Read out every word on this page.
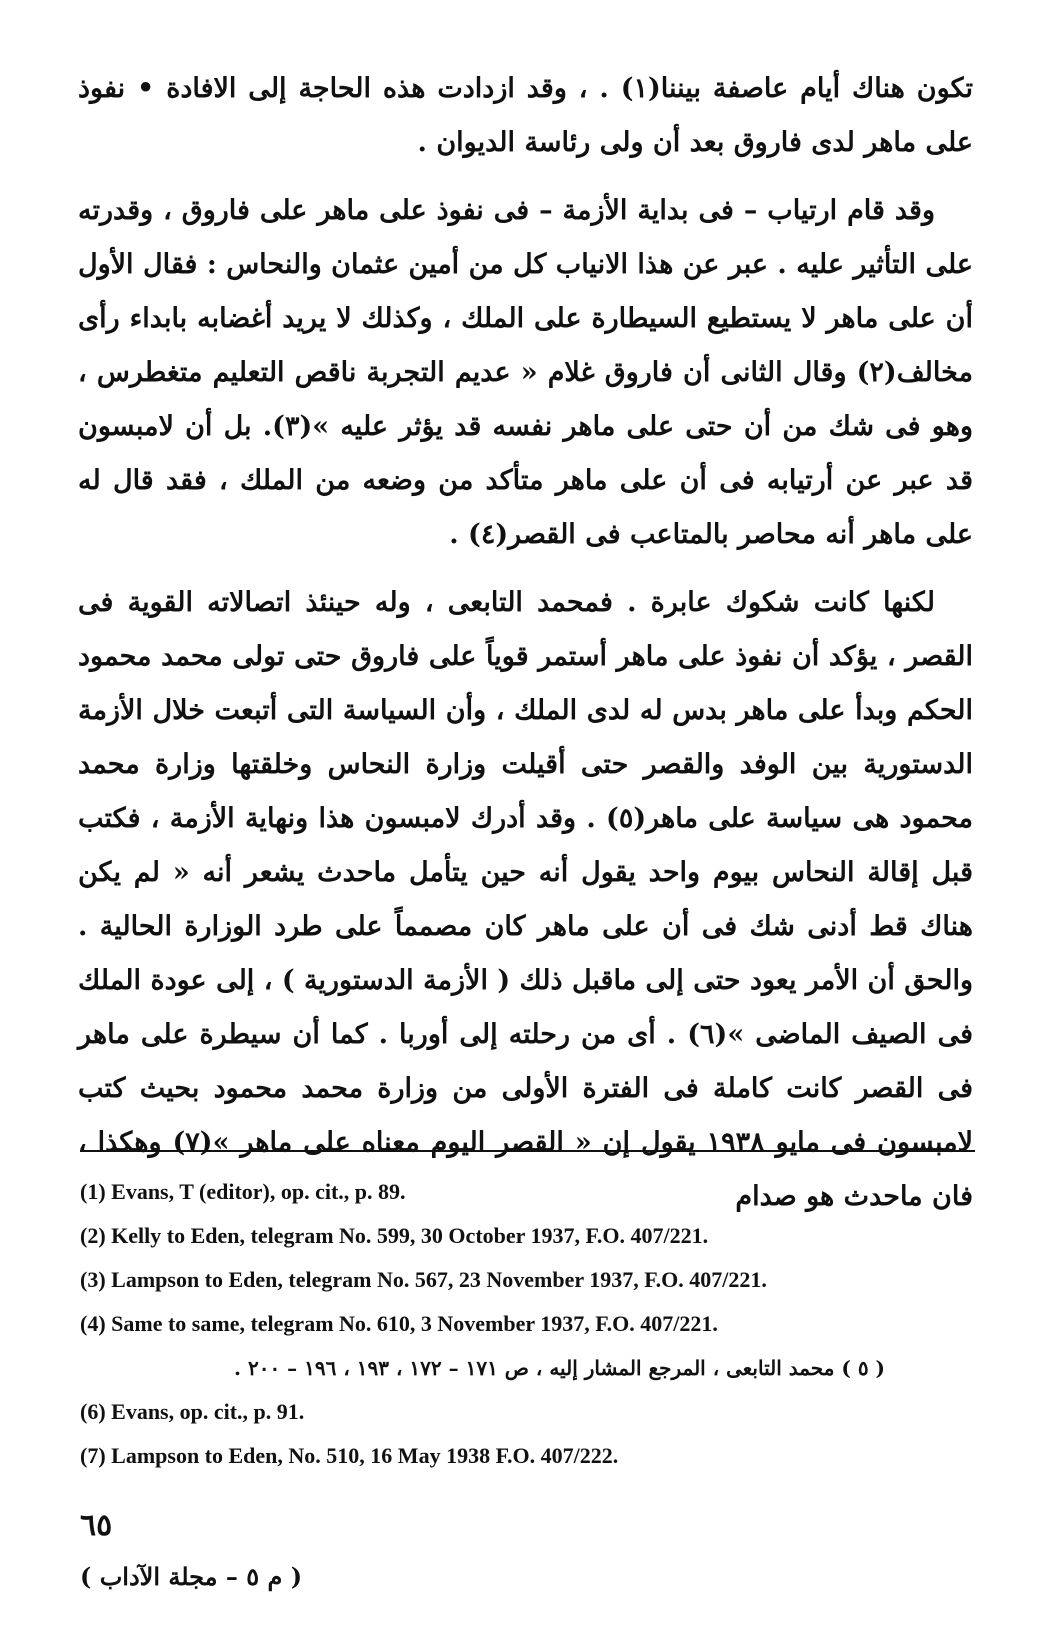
تكون هناك أيام عاصفة بيننا(١) . ، وقد ازدادت هذه الحاجة إلى الافادة • نفوذ على ماهر لدى فاروق بعد أن ولى رئاسة الديوان .

وقد قام ارتياب – فى بداية الأزمة – فى نفوذ على ماهر على فاروق ، وقدرته على التأثير عليه . عبر عن هذا الانياب كل من أمين عثمان والنحاس : فقال الأول أن على ماهر لا يستطيع السيطارة على الملك ، وكذلك لا يريد أغضابه بابداء رأى مخالف(٢) وقال الثانى أن فاروق غلام « عديم التجربة ناقص التعليم متغطرس ، وهو فى شك من أن حتى على ماهر نفسه قد يؤثر عليه »(٣). بل أن لامبسون قد عبر عن أرتيابه فى أن على ماهر متأكد من وضعه من الملك ، فقد قال له على ماهر أنه محاصر بالمتاعب فى القصر(٤) .

لكنها كانت شكوك عابرة . فمحمد التابعى ، وله حينئذ اتصالاته القوية فى القصر ، يؤكد أن نفوذ على ماهر أستمر قوياً على فاروق حتى تولى محمد محمود الحكم وبدأ على ماهر بدس له لدى الملك ، وأن السياسة التى أتبعت خلال الأزمة الدستورية بين الوفد والقصر حتى أقيلت وزارة النحاس وخلقتها وزارة محمد محمود هى سياسة على ماهر(٥) . وقد أدرك لامبسون هذا ونهاية الأزمة ، فكتب قبل إقالة النحاس بيوم واحد يقول أنه حين يتأمل ماحدث يشعر أنه « لم يكن هناك قط أدنى شك فى أن على ماهر كان مصمماً على طرد الوزارة الحالية . والحق أن الأمر يعود حتى إلى ماقبل ذلك ( الأزمة الدستورية ) ، إلى عودة الملك فى الصيف الماضى »(٦) . أى من رحلته إلى أوربا . كما أن سيطرة على ماهر فى القصر كانت كاملة فى الفترة الأولى من وزارة محمد محمود بحيث كتب لامبسون فى مايو ١٩٣٨ يقول إن « القصر اليوم معناه على ماهر »(٧) وهكذا ، فان ماحدث هو صدام

(1) Evans, T (editor), op. cit., p. 89.
(2) Kelly to Eden, telegram No. 599, 30 October 1937, F.O. 407/221.
(3) Lampson to Eden, telegram No. 567, 23 November 1937, F.O. 407/221.
(4) Same to same, telegram No. 610, 3 November 1937, F.O. 407/221.
( ٥ ) محمد التابعى ، المرجع المشار إليه ، ص ١٧١ – ١٧٢ ، ١٩٣ ، ١٩٦ – ٢٠٠ .
(6) Evans, op. cit., p. 91.
(7) Lampson to Eden, No. 510, 16 May 1938 F.O. 407/222.
٦٥
( م ٥ – مجلة الآداب )
